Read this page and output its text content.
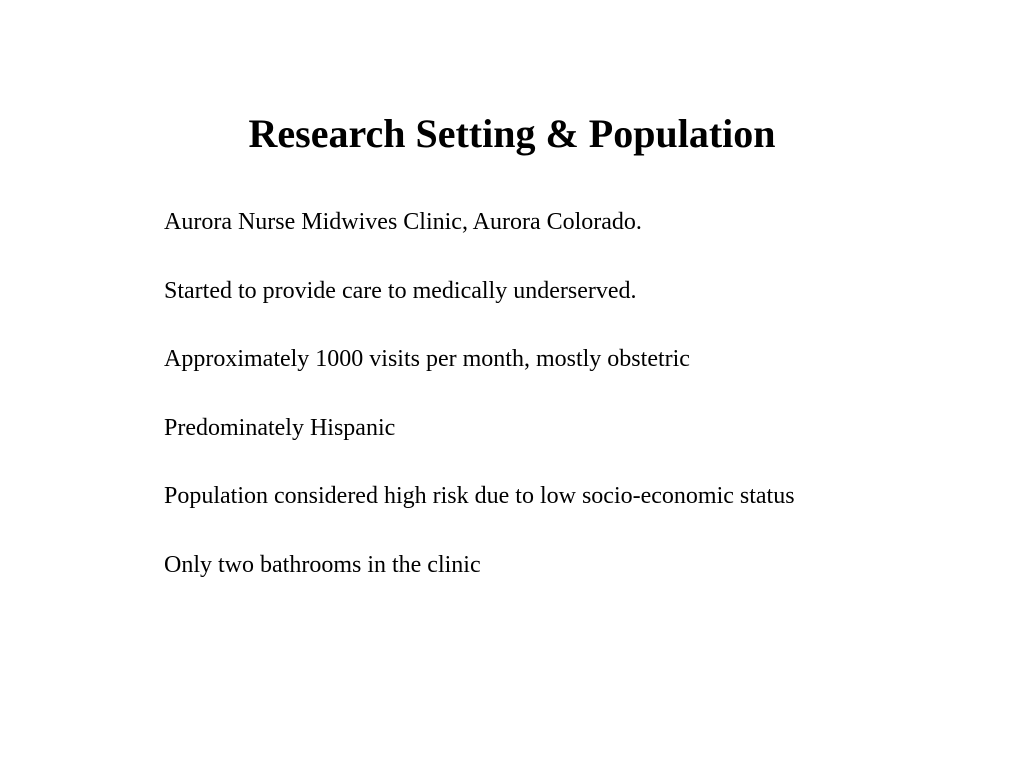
Research Setting & Population
Aurora Nurse Midwives Clinic, Aurora Colorado.
Started to provide care to medically underserved.
Approximately 1000 visits per month, mostly obstetric
Predominately Hispanic
Population considered high risk due to low socio-economic status
Only two bathrooms in the clinic
